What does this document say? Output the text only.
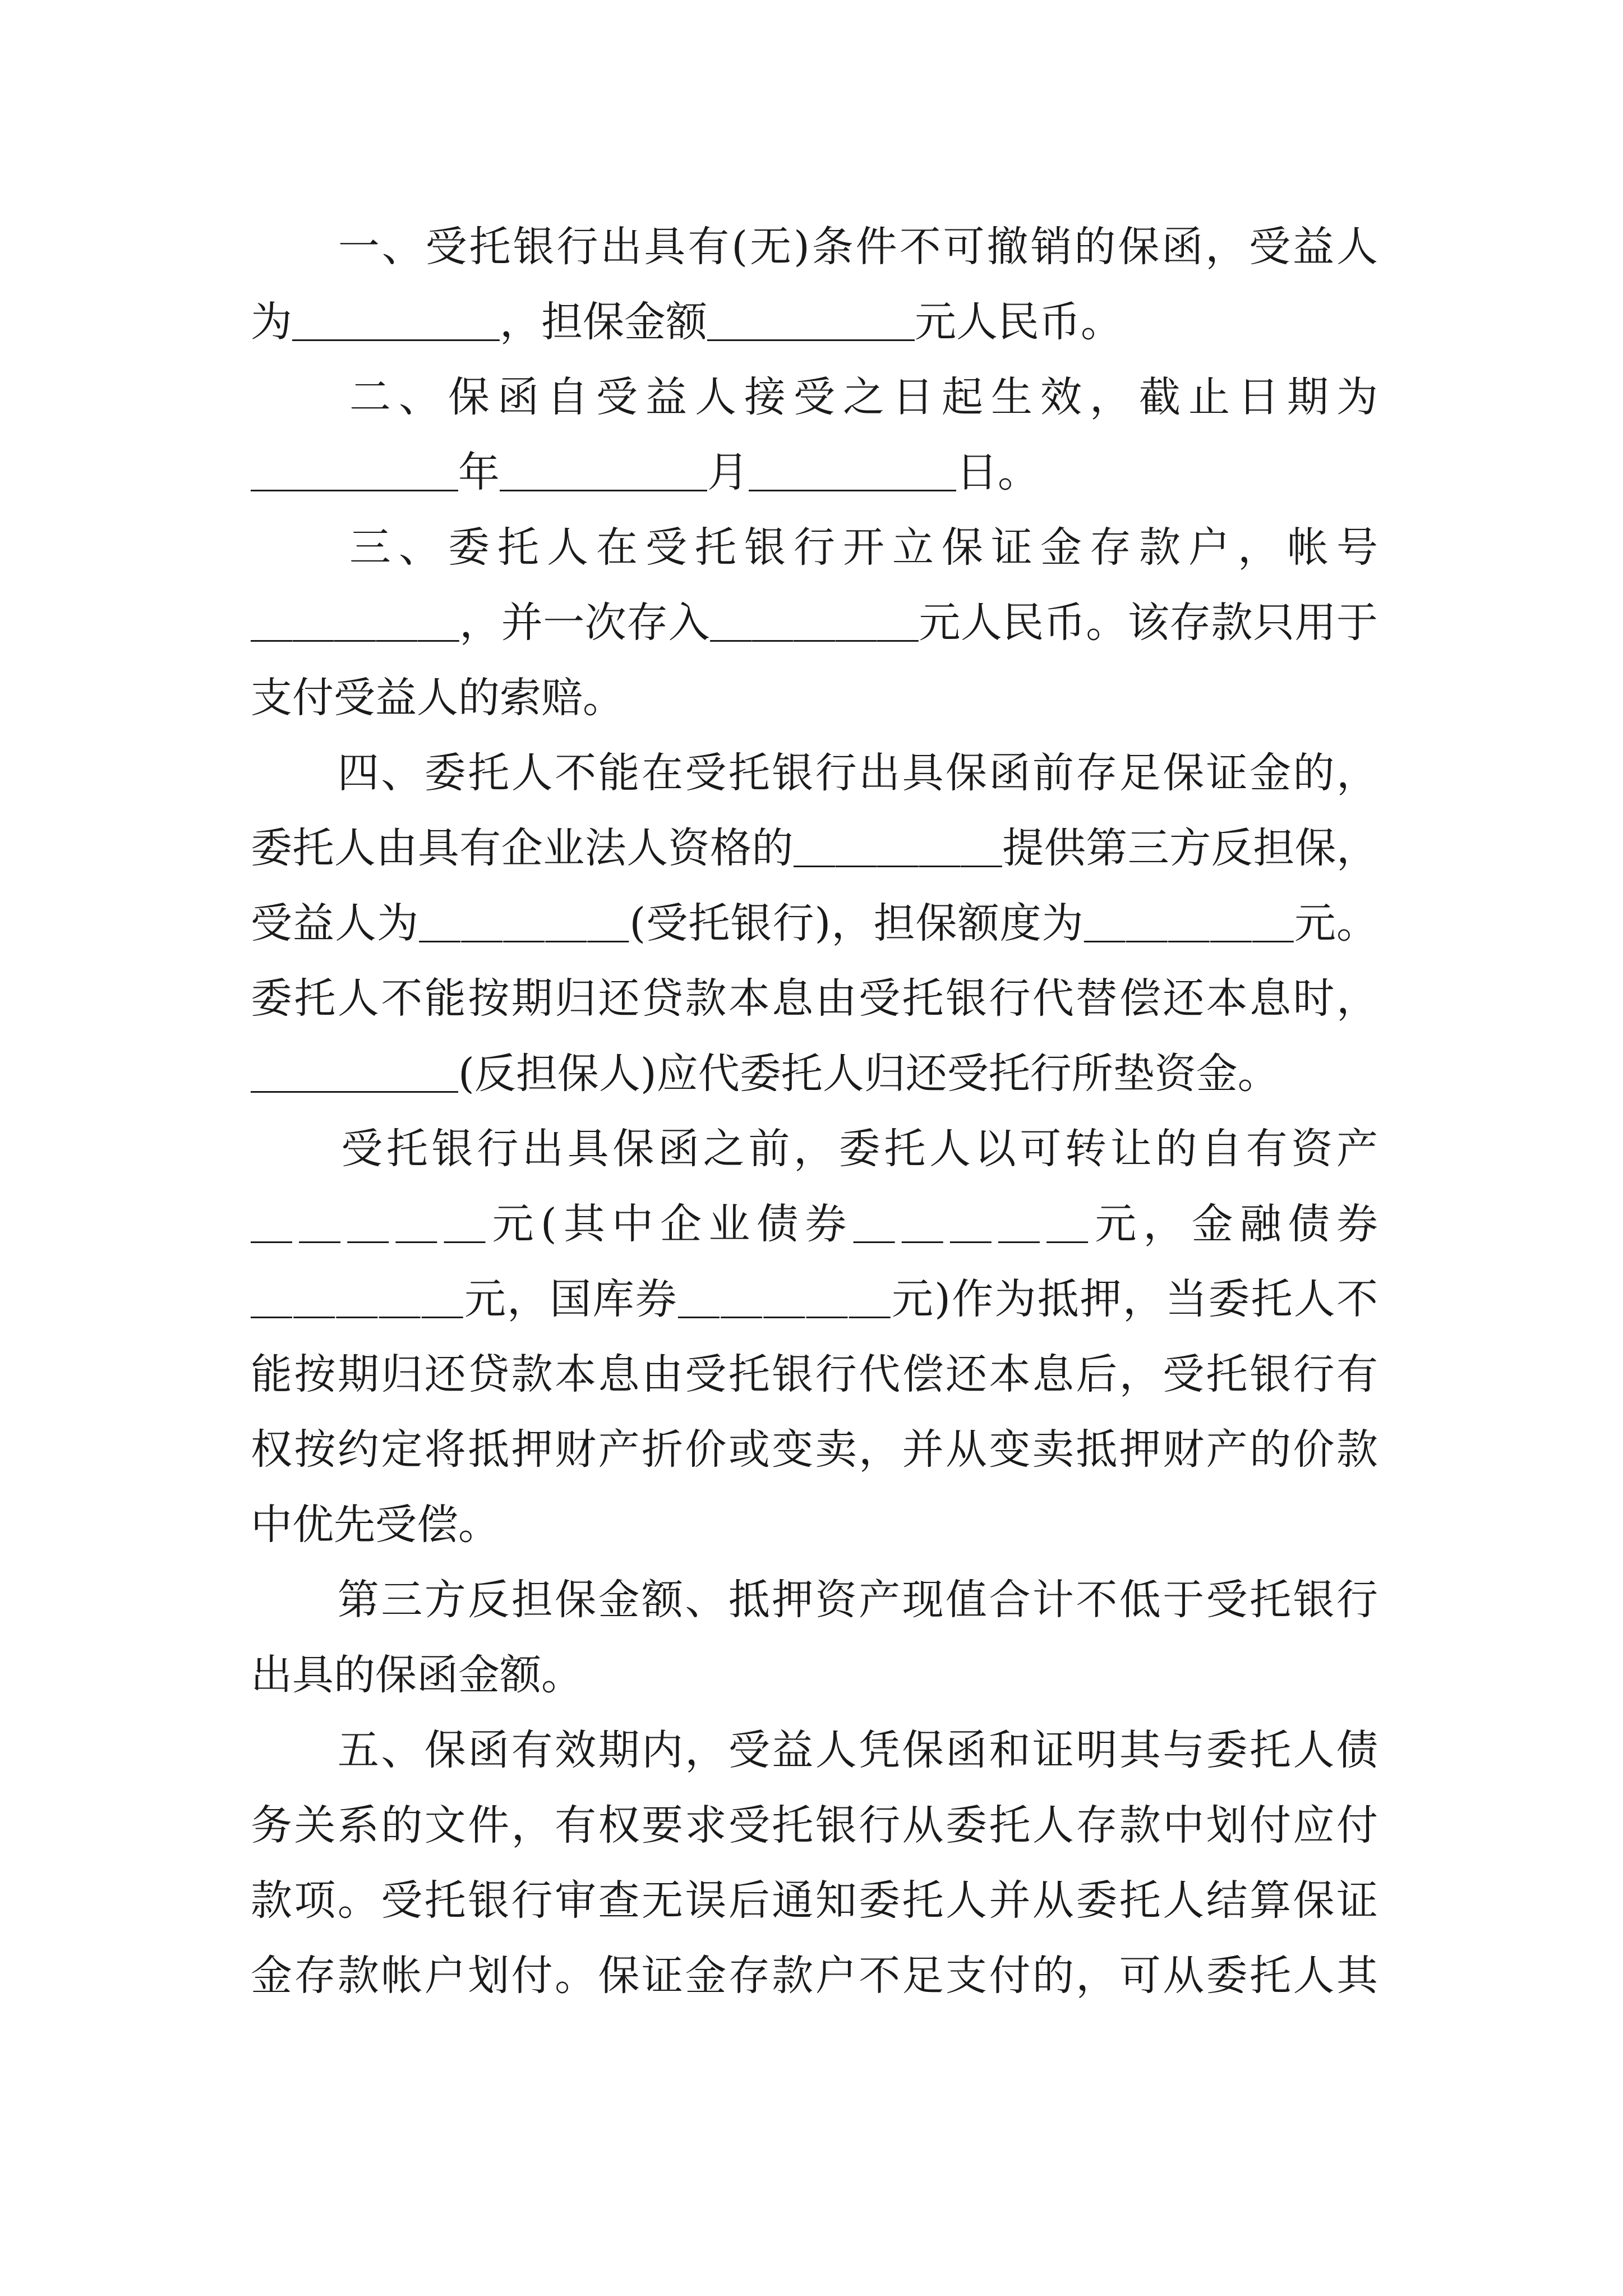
　　一、受托银行出具有(无)条件不可撤销的保函，受益人
为＿＿＿＿＿，担保金额＿＿＿＿＿元人民币。
　　二、保函自受益人接受之日起生效，截止日期为
＿＿＿＿＿年＿＿＿＿＿月＿＿＿＿＿日。
　　三、委托人在受托银行开立保证金存款户，帐号
＿＿＿＿＿，并一次存入＿＿＿＿＿元人民币。该存款只用于
支付受益人的索赔。
　　四、委托人不能在受托银行出具保函前存足保证金的，
委托人由具有企业法人资格的＿＿＿＿＿提供第三方反担保，
受益人为＿＿＿＿＿(受托银行)，担保额度为＿＿＿＿＿元。
委托人不能按期归还贷款本息由受托银行代替偿还本息时，
＿＿＿＿＿(反担保人)应代委托人归还受托行所垫资金。
　　受托银行出具保函之前，委托人以可转让的自有资产
＿＿＿＿＿元(其中企业债券＿＿＿＿＿元，金融债券
＿＿＿＿＿元，国库券＿＿＿＿＿元)作为抵押，当委托人不
能按期归还贷款本息由受托银行代偿还本息后，受托银行有
权按约定将抵押财产折价或变卖，并从变卖抵押财产的价款
中优先受偿。
　　第三方反担保金额、抵押资产现值合计不低于受托银行
出具的保函金额。
　　五、保函有效期内，受益人凭保函和证明其与委托人债
务关系的文件，有权要求受托银行从委托人存款中划付应付
款项。受托银行审查无误后通知委托人并从委托人结算保证
金存款帐户划付。保证金存款户不足支付的，可从委托人其
